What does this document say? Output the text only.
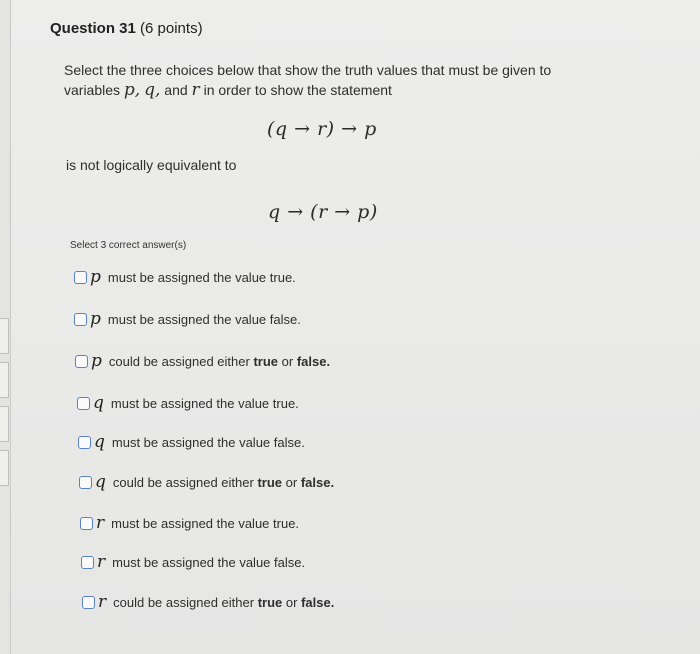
Question 31 (6 points)
Select the three choices below that show the truth values that must be given to
variables p, q, and r in order to show the statement
(q → r) → p
is not logically equivalent to
q → (r → p)
Select 3 correct answer(s)
p must be assigned the value true.
p must be assigned the value false.
p could be assigned either
true
or
false.
q must be assigned the value true.
q must be assigned the value false.
q could be assigned either
true
or
false.
r must be assigned the value true.
r must be assigned the value false.
r could be assigned either
true
or
false.
